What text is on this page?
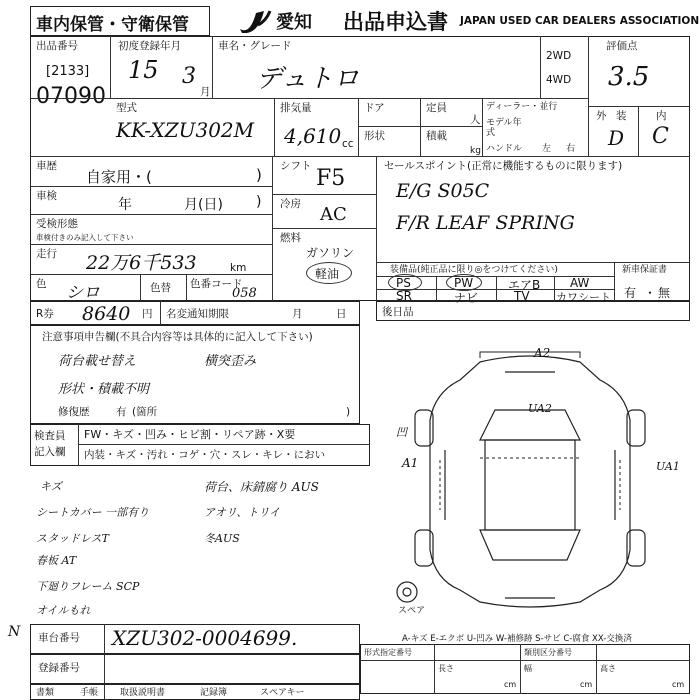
車内保管・守衛保管	愛知 出品申込書 JAPAN USED CAR DEALERS ASSOCIATION
出品番号
[2133]
07090
初度登録年月
15 3
月
車名・グレード
デュトロ
2WD
4WD
評価点
3.5
外 装	内
D C
型式
KK-XZU302M
排気量
4,610 cc
ドア	定員
人
ディーラー・並行
形状	積載
kg
モデル年式
ハンドル 左 右
車歴
自家用・(	)
車検
年	月(日) )
受検形態
車検付きのみ記入して下さい
走行 22万6千533	km
色 シロ	色替 色番コード
058
シフト F5
冷房 AC
燃料
ガソリン
軽油
セールスポイント(正常に機能するものに限ります)
E/G S05C
F/R LEAF SPRING
装備品(純正品に限り◎をつけてください)	新車保証書
有 無
・
PS	PW	エアB AW
SR	ナビ	TV カワシート
R券 8640 円 名変通知期限	月	日	後日品
注意事項申告欄(不具合内容等は具体的に記入して下さい)
荷台載せ替え	横突歪み
形状・積載不明
修復歴	有 (箇所	)
検査員
記入欄
FW・キズ・凹み・ヒビ割・リペア跡・X要
内装・キズ・汚れ・コゲ・穴・スレ・キレ・におい
キズ	荷台、床錆腐り AUS
シートカバー 一部有り	アオリ、トリイ
スタッドレスT	冬AUS
春板 AT
下廻りフレーム SCP
オイルもれ
A2
UA2
A1	UA1
凹
スペア
A-キズ E-エクボ U-凹み W-補修跡 S-サビ C-腐食 XX-交換済
車台番号 XZU302-0004699.
登録番号
N
形式指定番号	類別区分番号
長さ	幅	高さ
cm	cm	cm
書類	手帳 取扱説明書	記録簿	スペアキー
